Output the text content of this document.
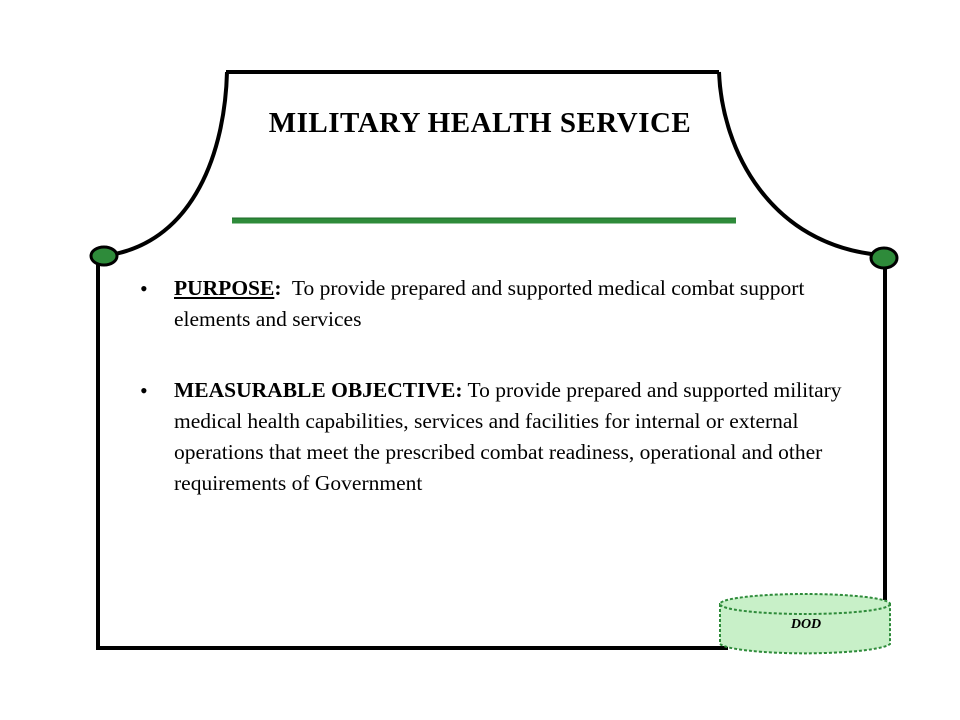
MILITARY HEALTH SERVICE
• PURPOSE:  To provide prepared and supported medical combat support elements and services
• MEASURABLE OBJECTIVE: To provide prepared and supported military medical health capabilities, services and facilities for internal or external operations that meet the prescribed combat readiness, operational and other requirements of Government
DOD
